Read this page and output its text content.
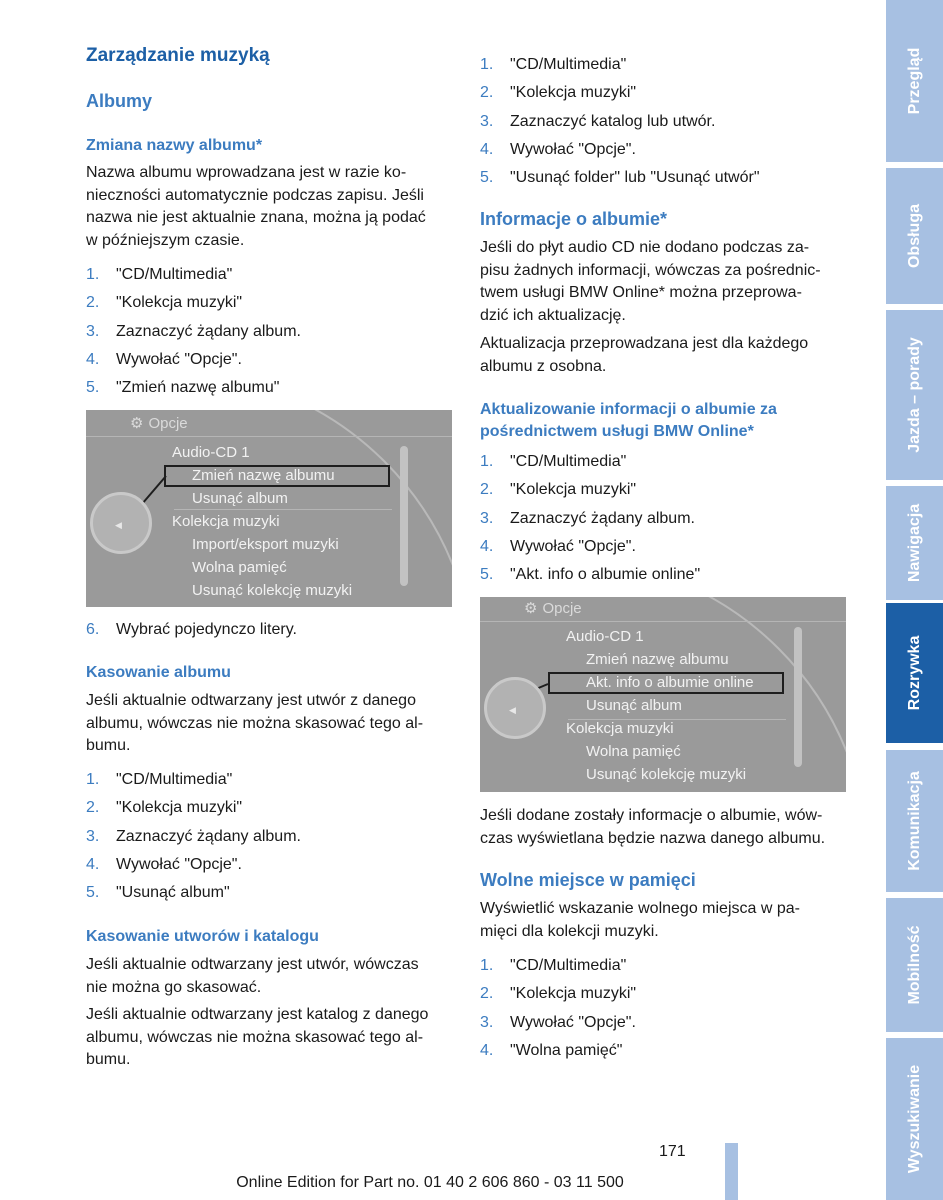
Zarządzanie muzyką
Albumy
Zmiana nazwy albumu*

Nazwa albumu wprowadzana jest w razie ko-

nieczności automatycznie podczas zapisu. Jeśli

nazwa nie jest aktualnie znana, można ją podać

w późniejszym czasie.

1.	"CD/Multimedia"
2.	"Kolekcja muzyki"
3.	Zaznaczyć żądany album.
4.	Wywołać "Opcje".
5.	"Zmień nazwę albumu"
⚙ Opcje
Audio-CD 1
Zmień nazwę albumu
Usunąć album
Kolekcja muzyki
Import/eksport muzyki
Wolna pamięć
Usunąć kolekcję muzyki
◀
6.	Wybrać pojedynczo litery.
Kasowanie albumu

Jeśli aktualnie odtwarzany jest utwór z danego

albumu, wówczas nie można skasować tego al-

bumu.

1.	"CD/Multimedia"
2.	"Kolekcja muzyki"
3.	Zaznaczyć żądany album.
4.	Wywołać "Opcje".
5.	"Usunąć album"
Kasowanie utworów i katalogu

Jeśli aktualnie odtwarzany jest utwór, wówczas

nie można go skasować.

Jeśli aktualnie odtwarzany jest katalog z danego

albumu, wówczas nie można skasować tego al-

bumu.

1.	"CD/Multimedia"
2.	"Kolekcja muzyki"
3.	Zaznaczyć katalog lub utwór.
4.	Wywołać "Opcje".
5.	"Usunąć folder" lub "Usunąć utwór"
Informacje o albumie*

Jeśli do płyt audio CD nie dodano podczas za-

pisu żadnych informacji, wówczas za pośrednic-

twem usługi BMW Online* można przeprowa-

dzić ich aktualizację.

Aktualizacja przeprowadzana jest dla każdego

albumu z osobna.

Aktualizowanie informacji o albumie za
pośrednictwem usługi BMW Online*
1.	"CD/Multimedia"
2.	"Kolekcja muzyki"
3.	Zaznaczyć żądany album.
4.	Wywołać "Opcje".
5.	"Akt. info o albumie online"
⚙ Opcje
Audio-CD 1
Zmień nazwę albumu
Akt. info o albumie online
Usunąć album
Kolekcja muzyki
Wolna pamięć
Usunąć kolekcję muzyki
◀

Jeśli dodane zostały informacje o albumie, wów-

czas wyświetlana będzie nazwa danego albumu.

Wolne miejsce w pamięci

Wyświetlić wskazanie wolnego miejsca w pa-

mięci dla kolekcji muzyki.

1.	"CD/Multimedia"
2.	"Kolekcja muzyki"
3.	Wywołać "Opcje".
4.	"Wolna pamięć"
Przegląd
Obsługa
Jazda – porady
Nawigacja
Rozrywka
Komunikacja
Mobilność
Wyszukiwanie
171
Online Edition for Part no. 01 40 2 606 860 - 03 11 500
